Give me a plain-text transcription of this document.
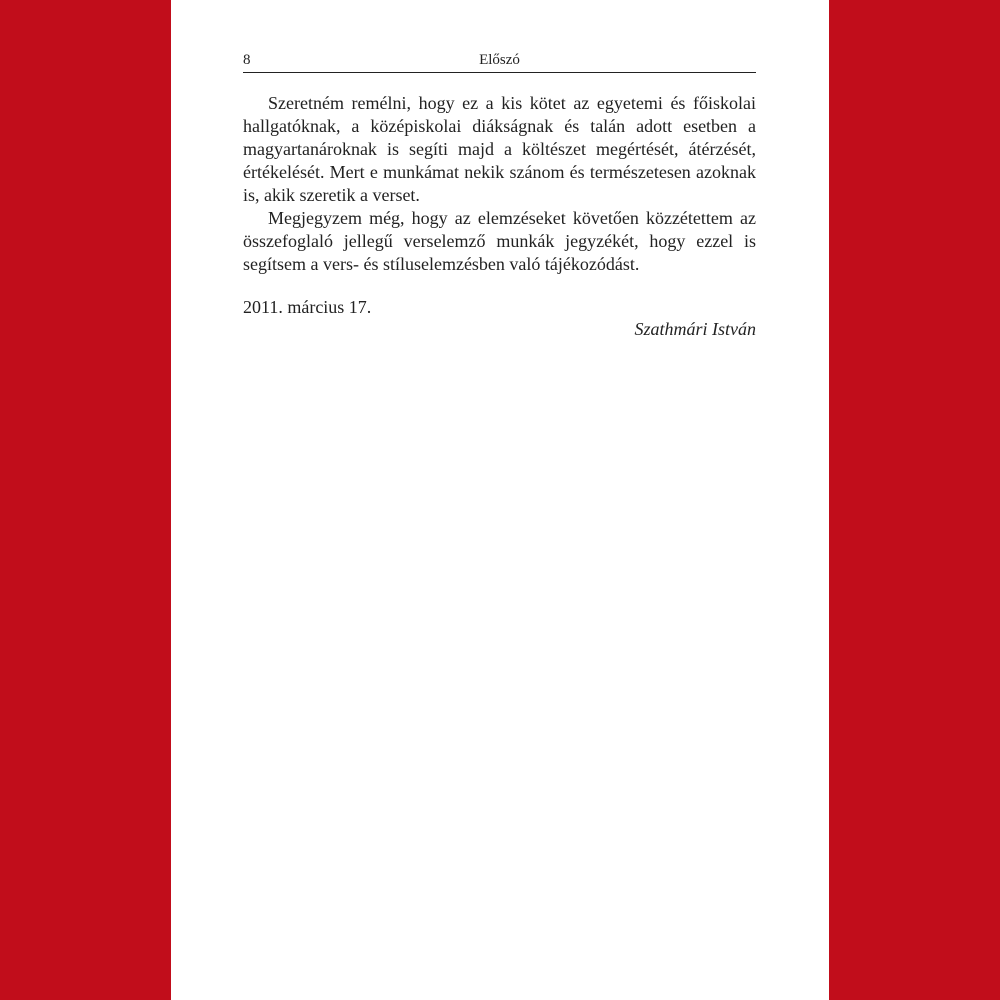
8	Előszó

Szeretném remélni, hogy ez a kis kötet az egyetemi és főiskolai hallgatóknak, a középiskolai diákságnak és talán adott esetben a magyartanároknak is segíti majd a költészet megértését, átérzését, értékelését. Mert e munkámat nekik szánom és természetesen azoknak is, akik szeretik a verset.

Megjegyzem még, hogy az elemzéseket követően közzétettem az összefoglaló jellegű verselemző munkák jegyzékét, hogy ezzel is segítsem a vers- és stíluselemzésben való tájékozódást.

2011. március 17.
Szathmári István
